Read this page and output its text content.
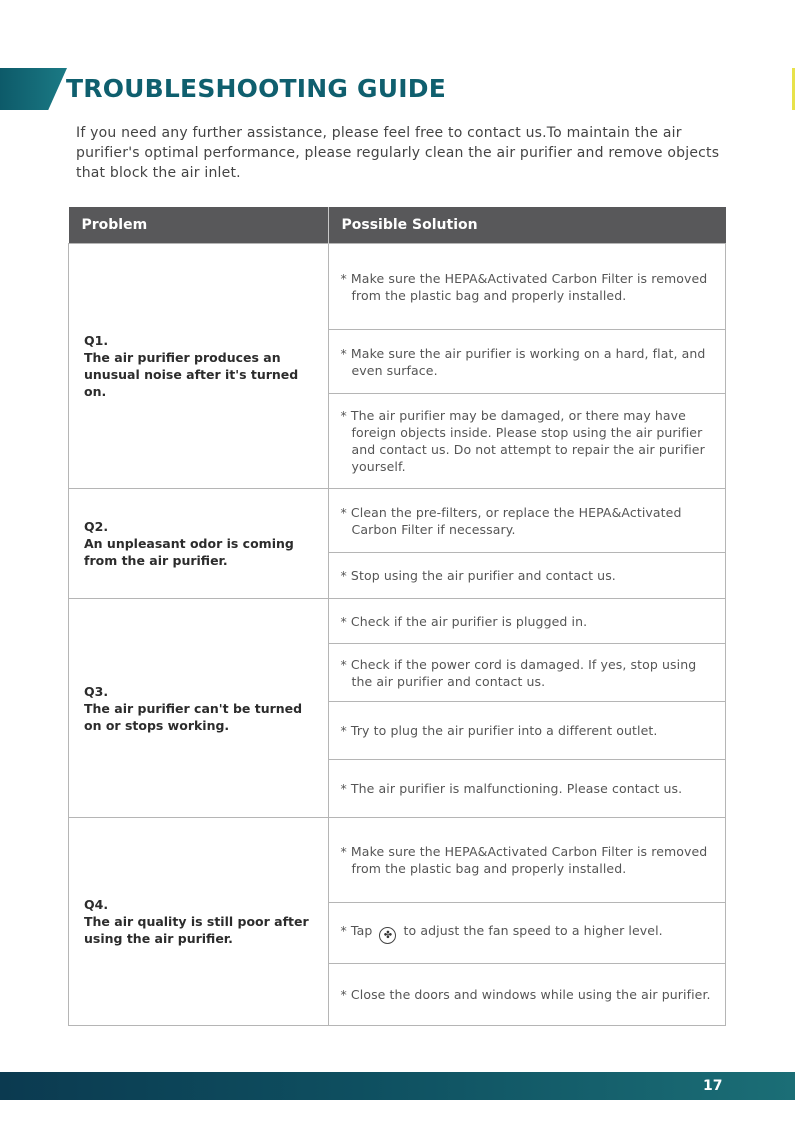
TROUBLESHOOTING GUIDE

If you need any further assistance, please feel free to contact us.To maintain the air purifier's optimal performance, please regularly clean the air purifier and remove objects that block the air inlet.

Problem	Possible Solution

Q1.
The air purifier produces an unusual noise after it's turned on.	* Make sure the HEPA&Activated Carbon Filter is removed from the plastic bag and properly installed.

	* Make sure the air purifier is working on a hard, flat, and even surface.

	* The air purifier may be damaged, or there may have foreign objects inside. Please stop using the air purifier and contact us. Do not attempt to repair the air purifier yourself.

Q2.
An unpleasant odor is coming from the air purifier.	* Clean the pre-filters, or replace the HEPA&Activated Carbon Filter if necessary.

	* Stop using the air purifier and contact us.

Q3.
The air purifier can't be turned on or stops working.	* Check if the air purifier is plugged in.

	* Check if the power cord is damaged. If yes, stop using the air purifier and contact us.

	* Try to plug the air purifier into a different outlet.

	* The air purifier is malfunctioning. Please contact us.

Q4.
The air quality is still poor after using the air purifier.	* Make sure the HEPA&Activated Carbon Filter is removed from the plastic bag and properly installed.

	* Tap ✤ to adjust the fan speed to a higher level.

	* Close the doors and windows while using the air purifier.
17
